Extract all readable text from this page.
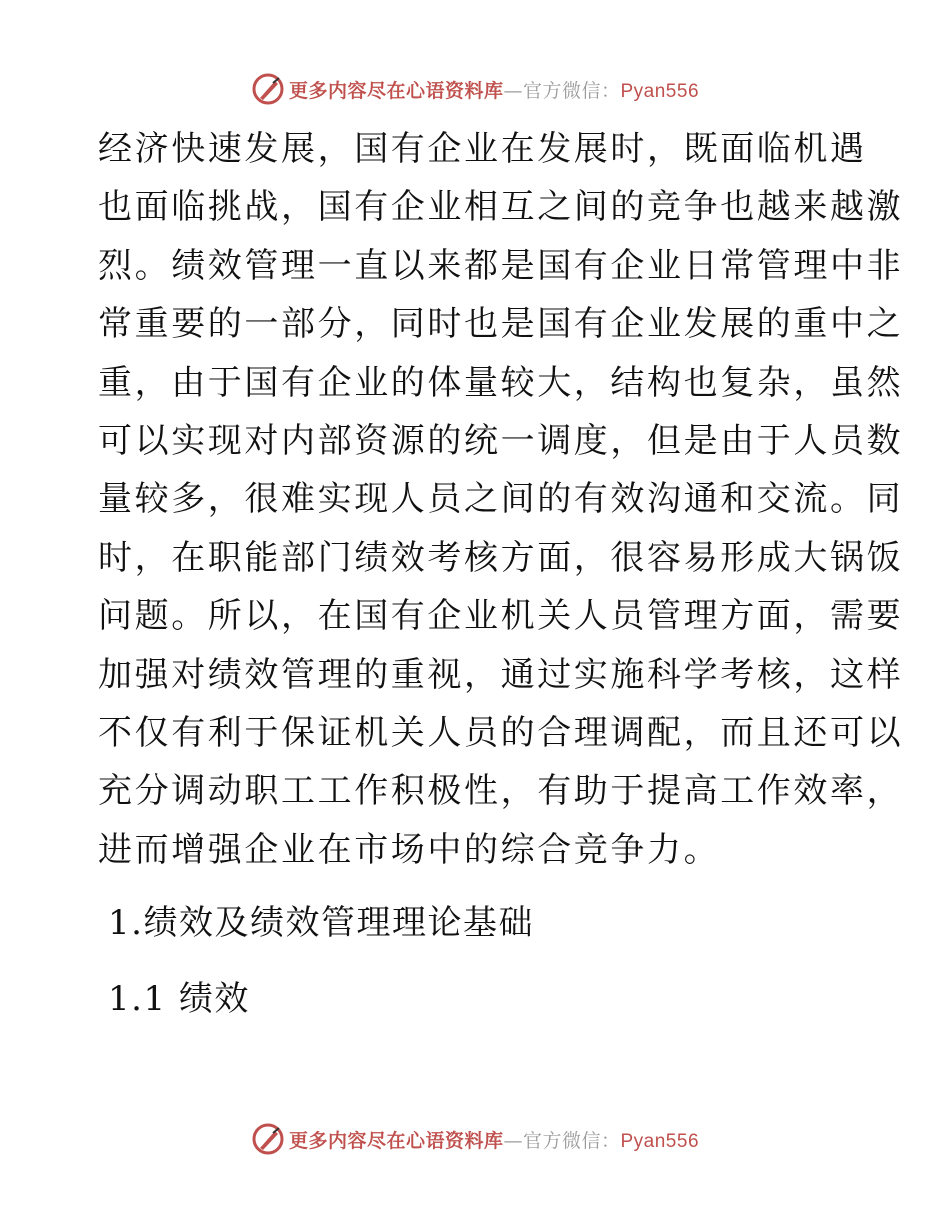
更多内容尽在心语资料库—官方微信：Pyan556
经济快速发展，国有企业在发展时，既面临机遇
也面临挑战，国有企业相互之间的竞争也越来越激
烈。绩效管理一直以来都是国有企业日常管理中非
常重要的一部分，同时也是国有企业发展的重中之
重，由于国有企业的体量较大，结构也复杂，虽然
可以实现对内部资源的统一调度，但是由于人员数
量较多，很难实现人员之间的有效沟通和交流。同
时，在职能部门绩效考核方面，很容易形成大锅饭
问题。所以，在国有企业机关人员管理方面，需要
加强对绩效管理的重视，通过实施科学考核，这样
不仅有利于保证机关人员的合理调配，而且还可以
充分调动职工工作积极性，有助于提高工作效率，
进而增强企业在市场中的综合竞争力。
1.绩效及绩效管理理论基础
1.1 绩效
更多内容尽在心语资料库—官方微信：Pyan556
